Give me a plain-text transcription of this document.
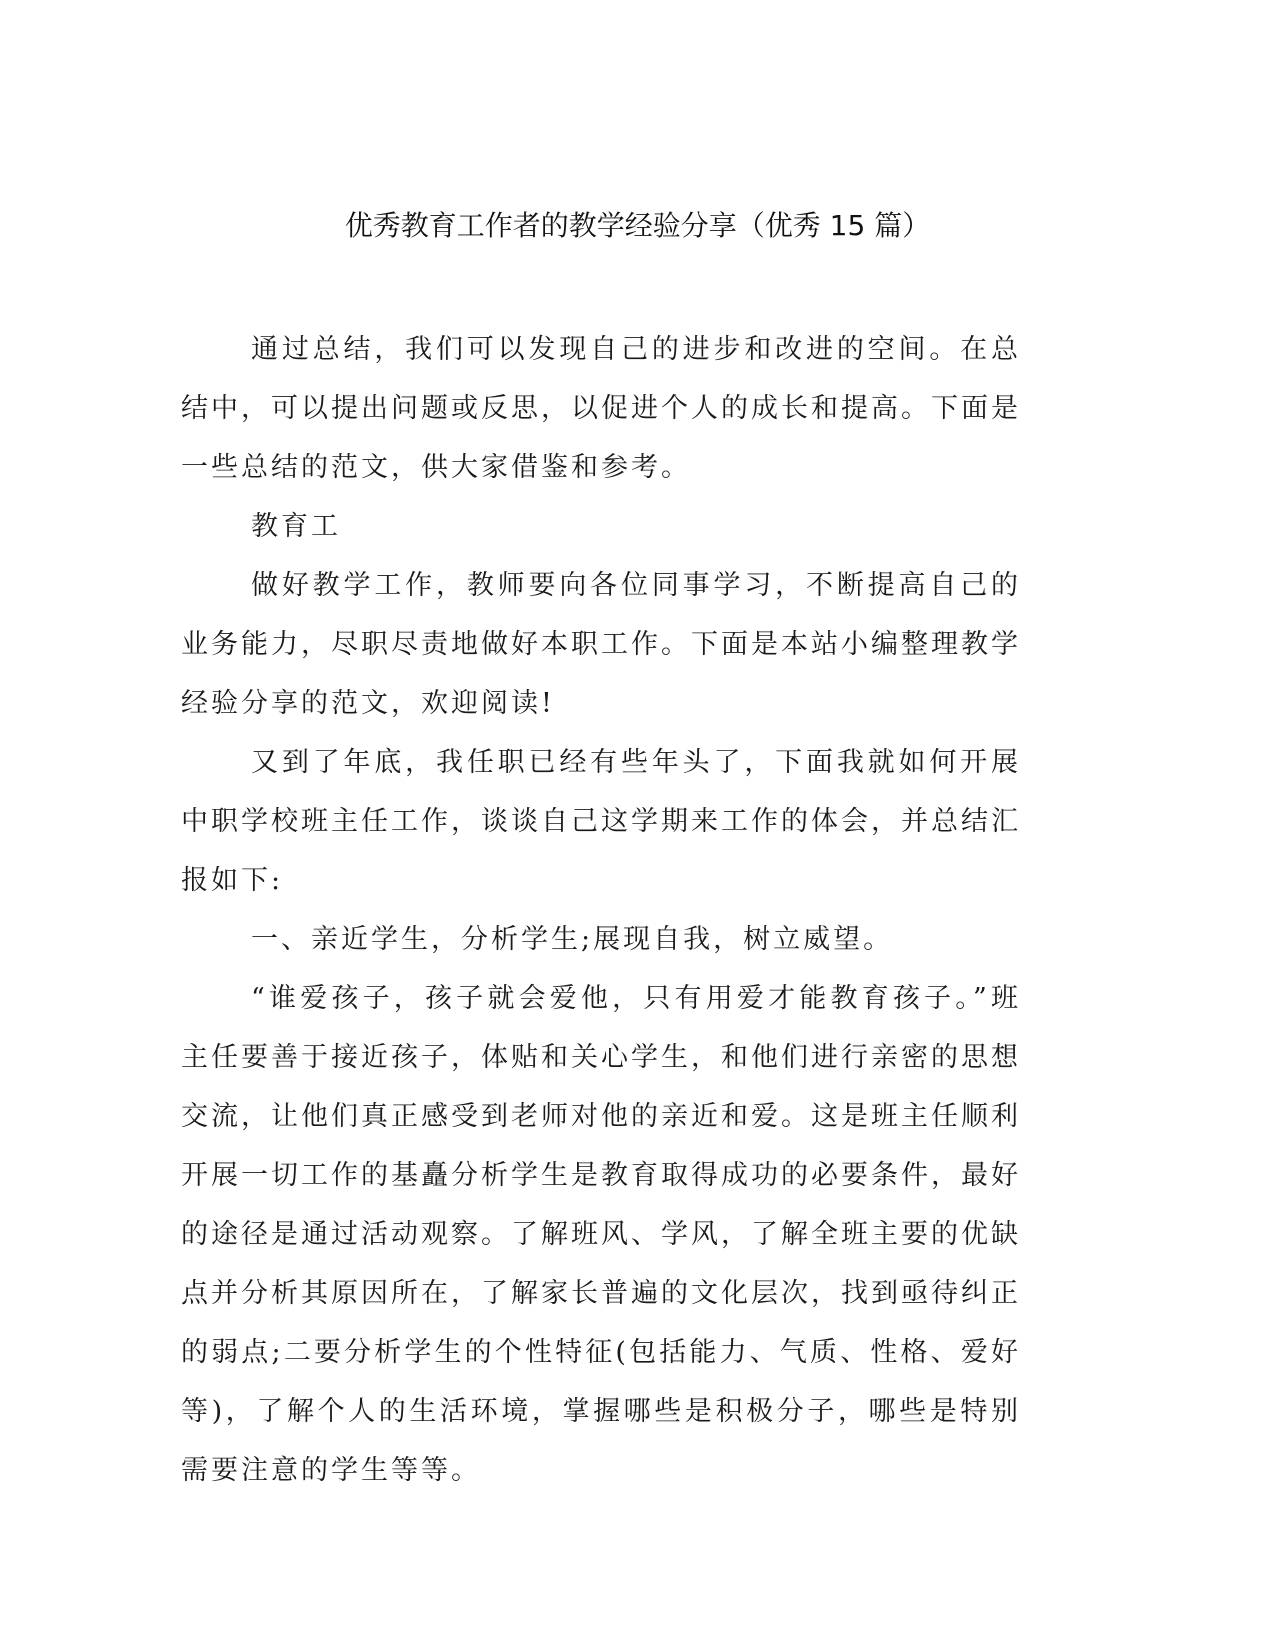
优秀教育工作者的教学经验分享（优秀 15 篇）

通过总结，我们可以发现自己的进步和改进的空间。在总结中，可以提出问题或反思，以促进个人的成长和提高。下面是一些总结的范文，供大家借鉴和参考。

教育工

做好教学工作，教师要向各位同事学习，不断提高自己的业务能力，尽职尽责地做好本职工作。下面是本站小编整理教学经验分享的范文，欢迎阅读!

又到了年底，我任职已经有些年头了，下面我就如何开展中职学校班主任工作，谈谈自己这学期来工作的体会，并总结汇报如下:

一、亲近学生，分析学生;展现自我，树立威望。

“谁爱孩子，孩子就会爱他，只有用爱才能教育孩子。”班主任要善于接近孩子，体贴和关心学生，和他们进行亲密的思想交流，让他们真正感受到老师对他的亲近和爱。这是班主任顺利开展一切工作的基矗分析学生是教育取得成功的必要条件，最好的途径是通过活动观察。了解班风、学风，了解全班主要的优缺点并分析其原因所在，了解家长普遍的文化层次，找到亟待纠正的弱点;二要分析学生的个性特征(包括能力、气质、性格、爱好等)，了解个人的生活环境，掌握哪些是积极分子，哪些是特别需要注意的学生等等。
